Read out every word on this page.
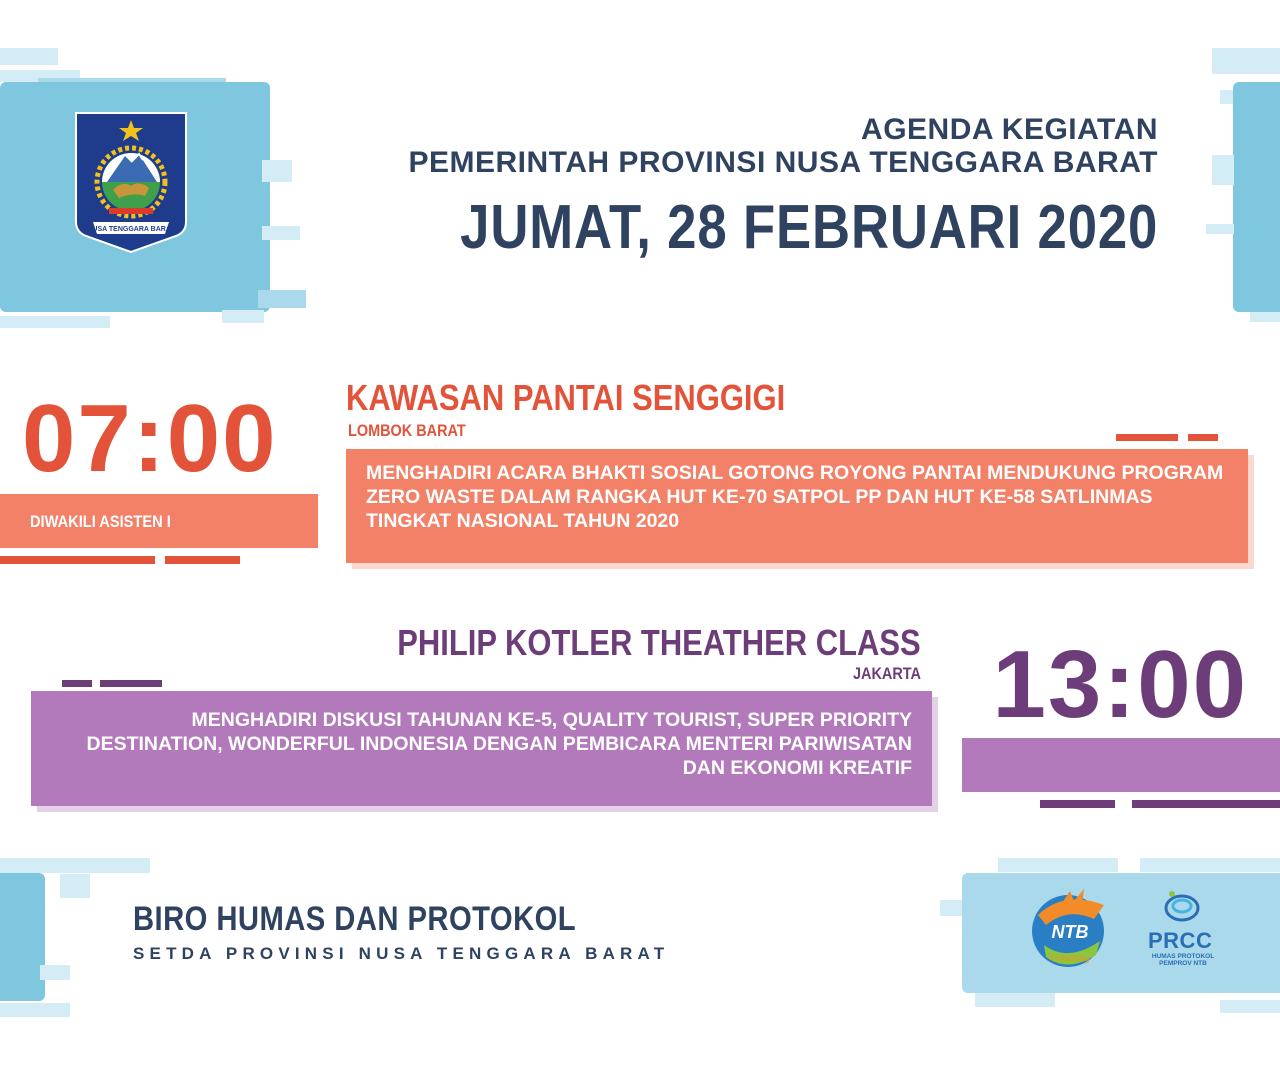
NUSA TENGGARA BARAT
AGENDA KEGIATAN
PEMERINTAH PROVINSI NUSA TENGGARA BARAT
JUMAT, 28 FEBRUARI 2020
07:00
DIWAKILI ASISTEN I
KAWASAN PANTAI SENGGIGI
LOMBOK BARAT
MENGHADIRI ACARA BHAKTI SOSIAL GOTONG ROYONG PANTAI MENDUKUNG PROGRAM ZERO WASTE DALAM RANGKA HUT KE-70 SATPOL PP DAN HUT KE-58 SATLINMAS TINGKAT NASIONAL TAHUN 2020
PHILIP KOTLER THEATHER CLASS
JAKARTA 13:00
MENGHADIRI DISKUSI TAHUNAN KE-5, QUALITY TOURIST, SUPER PRIORITY DESTINATION, WONDERFUL INDONESIA DENGAN PEMBICARA MENTERI PARIWISATAN DAN EKONOMI KREATIF
BIRO HUMAS DAN PROTOKOL
SETDA PROVINSI NUSA TENGGARA BARAT
NTB
Gemilang
PRCC
HUMAS PROTOKOL PEMPROV NTB
